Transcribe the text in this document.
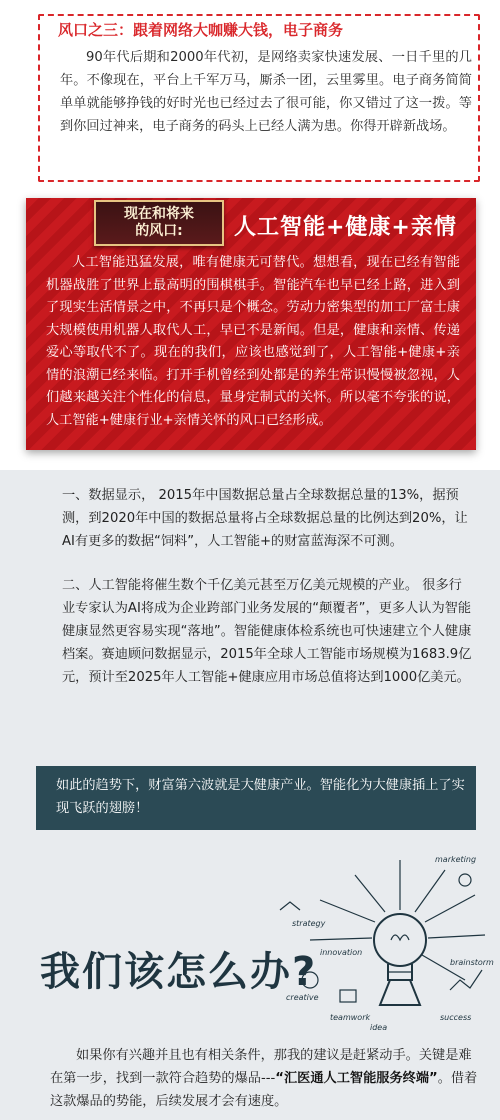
风口之三：跟着网络大咖赚大钱，电子商务
90年代后期和2000年代初，是网络卖家快速发展、一日千里的几年。不像现在，平台上千军万马，厮杀一团，云里雾里。电子商务简简单单就能够挣钱的好时光也已经过去了很可能，你又错过了这一拨。等到你回过神来，电子商务的码头上已经人满为患。你得开辟新战场。
现在和将来
的风口:	人工智能+健康+亲情
人工智能迅猛发展，唯有健康无可替代。想想看，现在已经有智能机器战胜了世界上最高明的围棋棋手。智能汽车也早已经上路，进入到了现实生活情景之中，不再只是个概念。劳动力密集型的加工厂富士康大规模使用机器人取代人工，早已不是新闻。但是，健康和亲情、传递爱心等取代不了。现在的我们，应该也感觉到了，人工智能+健康+亲情的浪潮已经来临。打开手机曾经到处都是的养生常识慢慢被忽视，人们越来越关注个性化的信息，量身定制式的关怀。所以毫不夸张的说，人工智能+健康行业+亲情关怀的风口已经形成。
一、数据显示， 2015年中国数据总量占全球数据总量的13%，据预测，到2020年中国的数据总量将占全球数据总量的比例达到20%，让AI有更多的数据“饲料”，人工智能+的财富蓝海深不可测。
二、人工智能将催生数个千亿美元甚至万亿美元规模的产业。 很多行业专家认为AI将成为企业跨部门业务发展的“颠覆者”，更多人认为智能健康显然更容易实现“落地”。智能健康体检系统也可快速建立个人健康档案。赛迪顾问数据显示，2015年全球人工智能市场规模为1683.9亿元，预计至2025年人工智能+健康应用市场总值将达到1000亿美元。
如此的趋势下，财富第六波就是大健康产业。智能化为大健康插上了实现飞跃的翅膀！
strategy
marketing
innovation
idea
creative
teamwork	success
brainstorm
我们该怎么办?
如果你有兴趣并且也有相关条件，那我的建议是赶紧动手。关键是难在第一步，找到一款符合趋势的爆品---“汇医通人工智能服务终端”。借着这款爆品的势能，后续发展才会有速度。
